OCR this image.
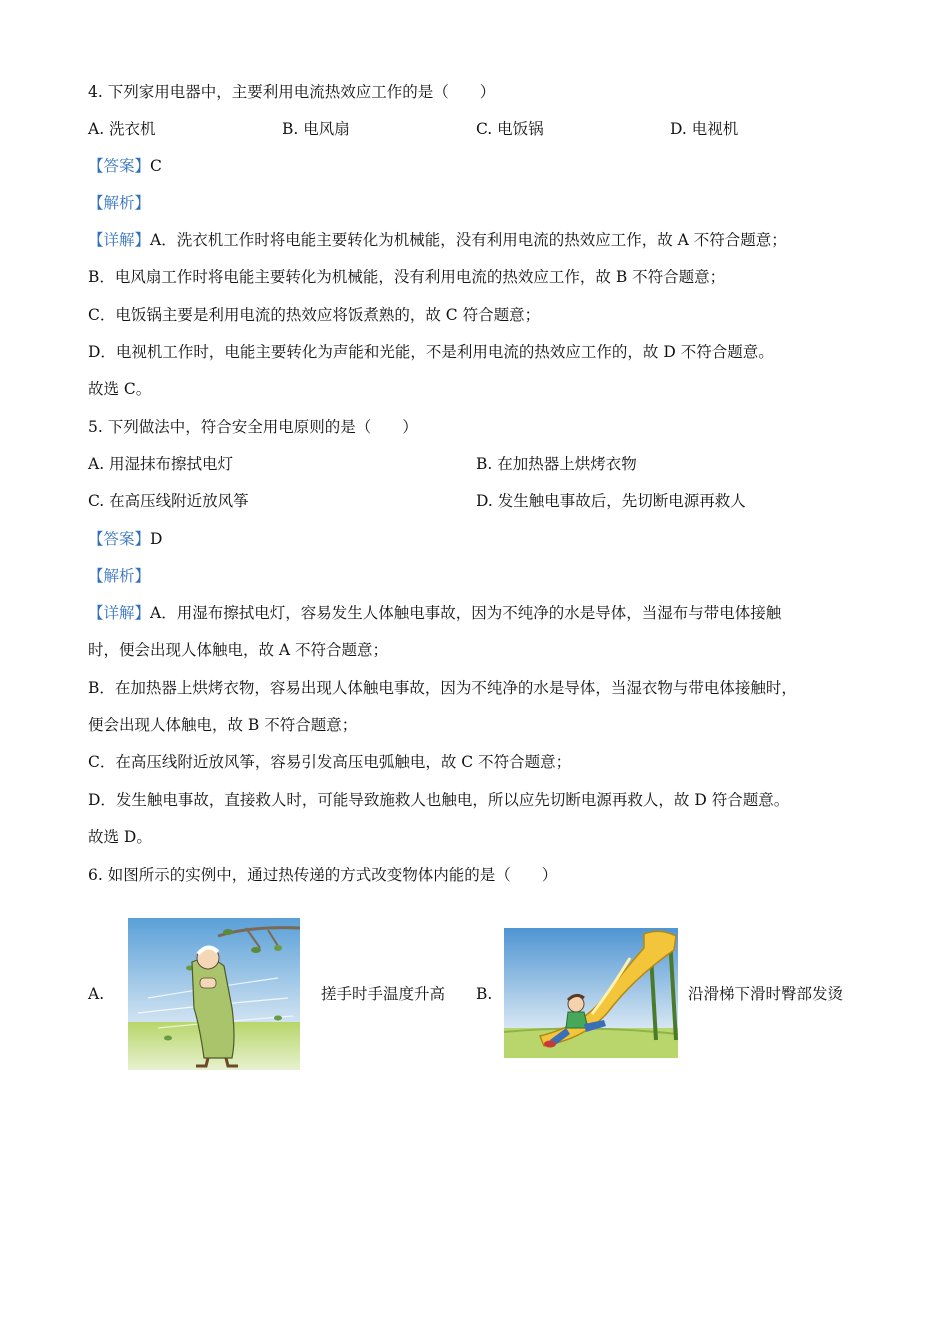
4. 下列家用电器中，主要利用电流热效应工作的是（　　）
A. 洗衣机	B. 电风扇	C. 电饭锅	D. 电视机
【答案】C
【解析】
【详解】A．洗衣机工作时将电能主要转化为机械能，没有利用电流的热效应工作，故 A 不符合题意；
B．电风扇工作时将电能主要转化为机械能，没有利用电流的热效应工作，故 B 不符合题意；
C．电饭锅主要是利用电流的热效应将饭煮熟的，故 C 符合题意；
D．电视机工作时，电能主要转化为声能和光能，不是利用电流的热效应工作的，故 D 不符合题意。
故选 C。
5. 下列做法中，符合安全用电原则的是（　　）
A. 用湿抹布擦拭电灯	B. 在加热器上烘烤衣物
C. 在高压线附近放风筝	D. 发生触电事故后，先切断电源再救人
【答案】D
【解析】
【详解】A．用湿布擦拭电灯，容易发生人体触电事故，因为不纯净的水是导体，当湿布与带电体接触
时，便会出现人体触电，故 A 不符合题意；
B．在加热器上烘烤衣物，容易出现人体触电事故，因为不纯净的水是导体，当湿衣物与带电体接触时，
便会出现人体触电，故 B 不符合题意；
C．在高压线附近放风筝，容易引发高压电弧触电，故 C 不符合题意；
D．发生触电事故，直接救人时，可能导致施救人也触电，所以应先切断电源再救人，故 D 符合题意。
故选 D。
6. 如图所示的实例中，通过热传递的方式改变物体内能的是（　　）
A.	搓手时手温度升高 B.	沿滑梯下滑时臀部发烫
